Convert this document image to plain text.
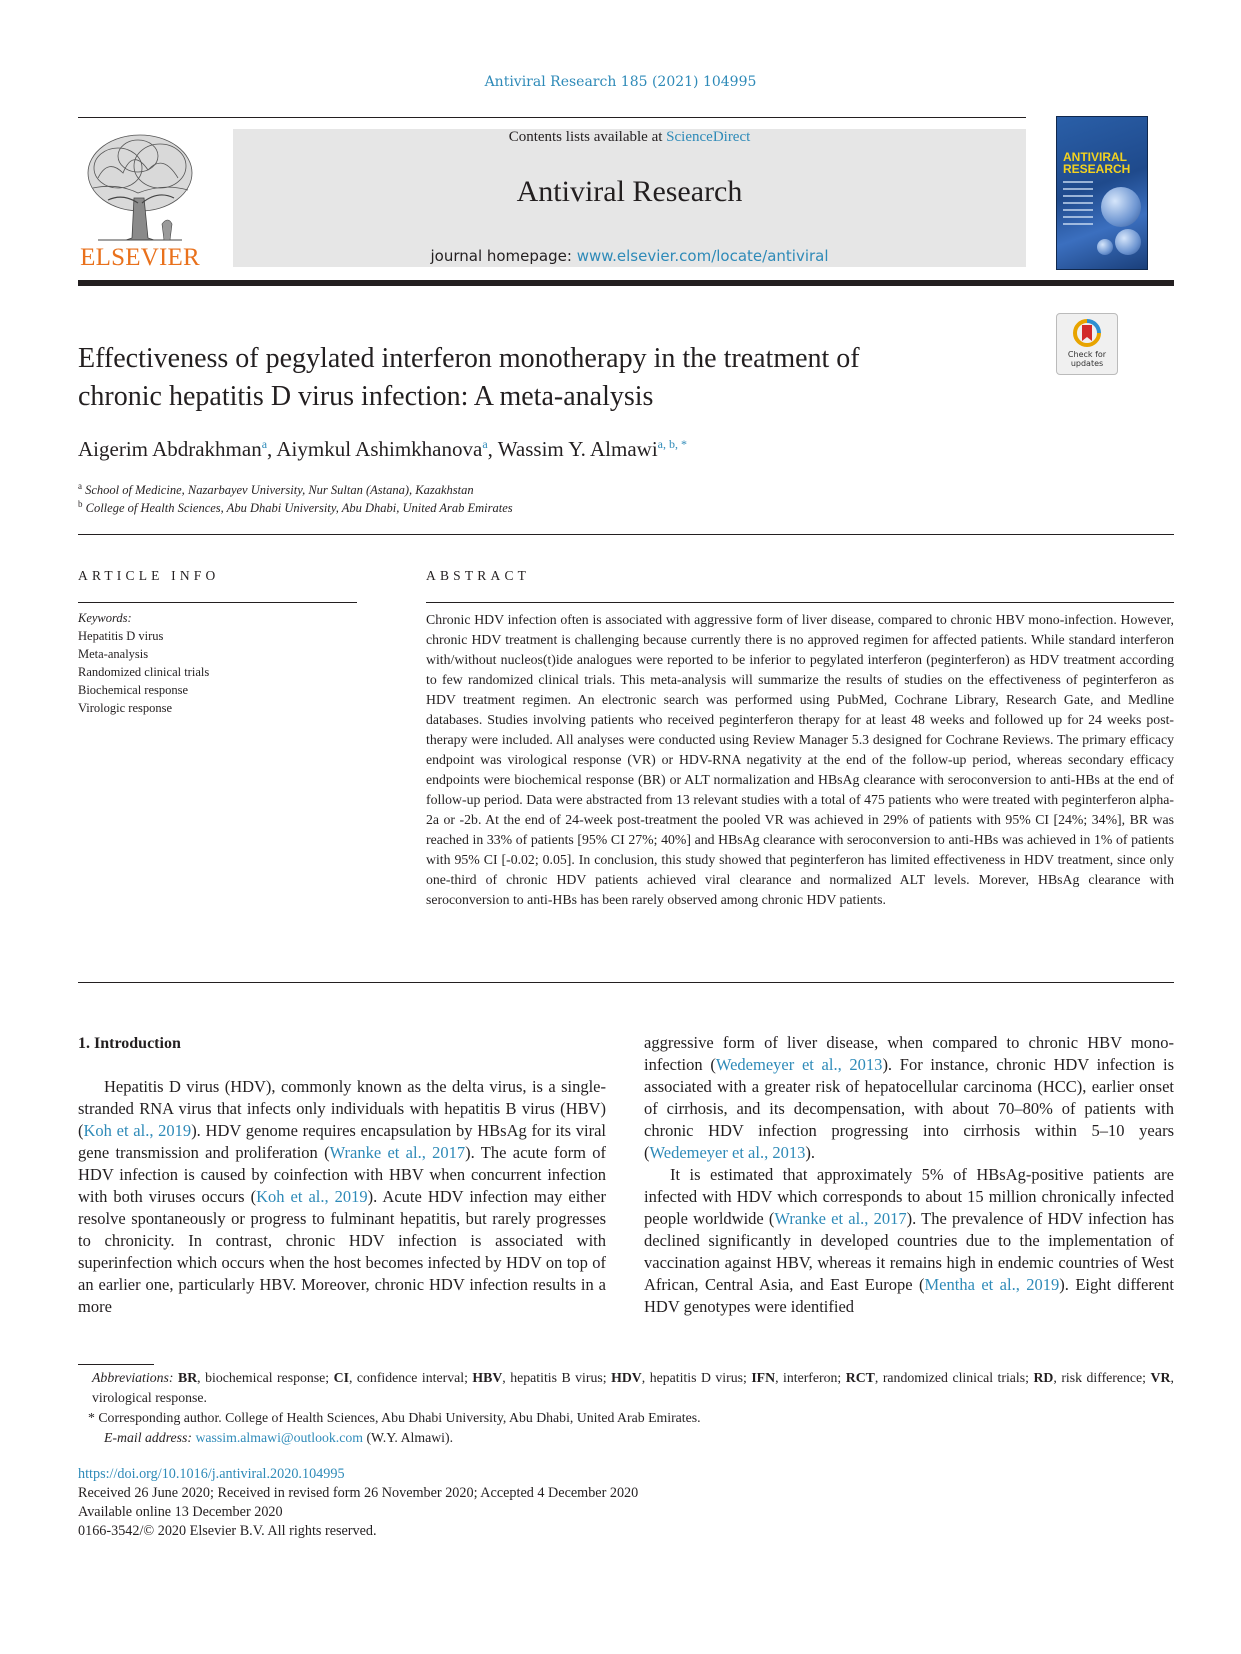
Antiviral Research 185 (2021) 104995
ELSEVIER
Contents lists available at ScienceDirect
Antiviral Research
journal homepage: www.elsevier.com/locate/antiviral
ANTIVIRAL
RESEARCH
Check for
updates
Effectiveness of pegylated interferon monotherapy in the treatment of
chronic hepatitis D virus infection: A meta-analysis
Aigerim Abdrakhman$^a$, Aiymkul Ashimkhanova$^a$, Wassim Y. Almawi$^{a, b, *}$
$^a$ School of Medicine, Nazarbayev University, Nur Sultan (Astana), Kazakhstan
$^b$ College of Health Sciences, Abu Dhabi University, Abu Dhabi, United Arab Emirates
ARTICLE INFO
Keywords:
Hepatitis D virus
Meta-analysis
Randomized clinical trials
Biochemical response
Virologic response
ABSTRACT
Chronic HDV infection often is associated with aggressive form of liver disease, compared to chronic HBV mono-infection. However, chronic HDV treatment is challenging because currently there is no approved regimen for affected patients. While standard interferon with/without nucleos(t)ide analogues were reported to be inferior to pegylated interferon (peginterferon) as HDV treatment according to few randomized clinical trials. This meta-analysis will summarize the results of studies on the effectiveness of peginterferon as HDV treatment regimen. An electronic search was performed using PubMed, Cochrane Library, Research Gate, and Medline databases. Studies involving patients who received peginterferon therapy for at least 48 weeks and followed up for 24 weeks post-therapy were included. All analyses were conducted using Review Manager 5.3 designed for Cochrane Reviews. The primary efficacy endpoint was virological response (VR) or HDV-RNA negativity at the end of the follow-up period, whereas secondary efficacy endpoints were biochemical response (BR) or ALT normalization and HBsAg clearance with seroconversion to anti-HBs at the end of follow-up period. Data were abstracted from 13 relevant studies with a total of 475 patients who were treated with peginterferon alpha-2a or -2b. At the end of 24-week post-treatment the pooled VR was achieved in 29% of patients with 95% CI [24%; 34%], BR was reached in 33% of patients [95% CI 27%; 40%] and HBsAg clearance with seroconversion to anti-HBs was achieved in 1% of patients with 95% CI [-0.02; 0.05]. In conclusion, this study showed that peginterferon has limited effectiveness in HDV treatment, since only one-third of chronic HDV patients achieved viral clearance and normalized ALT levels. Morever, HBsAg clearance with seroconversion to anti-HBs has been rarely observed among chronic HDV patients.
1. Introduction

Hepatitis D virus (HDV), commonly known as the delta virus, is a single-stranded RNA virus that infects only individuals with hepatitis B virus (HBV) (Koh et al., 2019). HDV genome requires encapsulation by HBsAg for its viral gene transmission and proliferation (Wranke et al., 2017). The acute form of HDV infection is caused by coinfection with HBV when concurrent infection with both viruses occurs (Koh et al., 2019). Acute HDV infection may either resolve spontaneously or progress to fulminant hepatitis, but rarely progresses to chronicity. In contrast, chronic HDV infection is associated with superinfection which occurs when the host becomes infected by HDV on top of an earlier one, particularly HBV. Moreover, chronic HDV infection results in a more

aggressive form of liver disease, when compared to chronic HBV mono-infection (Wedemeyer et al., 2013). For instance, chronic HDV infection is associated with a greater risk of hepatocellular carcinoma (HCC), earlier onset of cirrhosis, and its decompensation, with about 70–80% of patients with chronic HDV infection progressing into cirrhosis within 5–10 years (Wedemeyer et al., 2013).

It is estimated that approximately 5% of HBsAg-positive patients are infected with HDV which corresponds to about 15 million chronically infected people worldwide (Wranke et al., 2017). The prevalence of HDV infection has declined significantly in developed countries due to the implementation of vaccination against HBV, whereas it remains high in endemic countries of West African, Central Asia, and East Europe (Mentha et al., 2019). Eight different HDV genotypes were identified

Abbreviations: BR, biochemical response; CI, confidence interval; HBV, hepatitis B virus; HDV, hepatitis D virus; IFN, interferon; RCT, randomized clinical trials; RD, risk difference; VR, virological response.
* Corresponding author. College of Health Sciences, Abu Dhabi University, Abu Dhabi, United Arab Emirates.
E-mail address: wassim.almawi@outlook.com (W.Y. Almawi).
https://doi.org/10.1016/j.antiviral.2020.104995
Received 26 June 2020; Received in revised form 26 November 2020; Accepted 4 December 2020
Available online 13 December 2020
0166-3542/© 2020 Elsevier B.V. All rights reserved.
